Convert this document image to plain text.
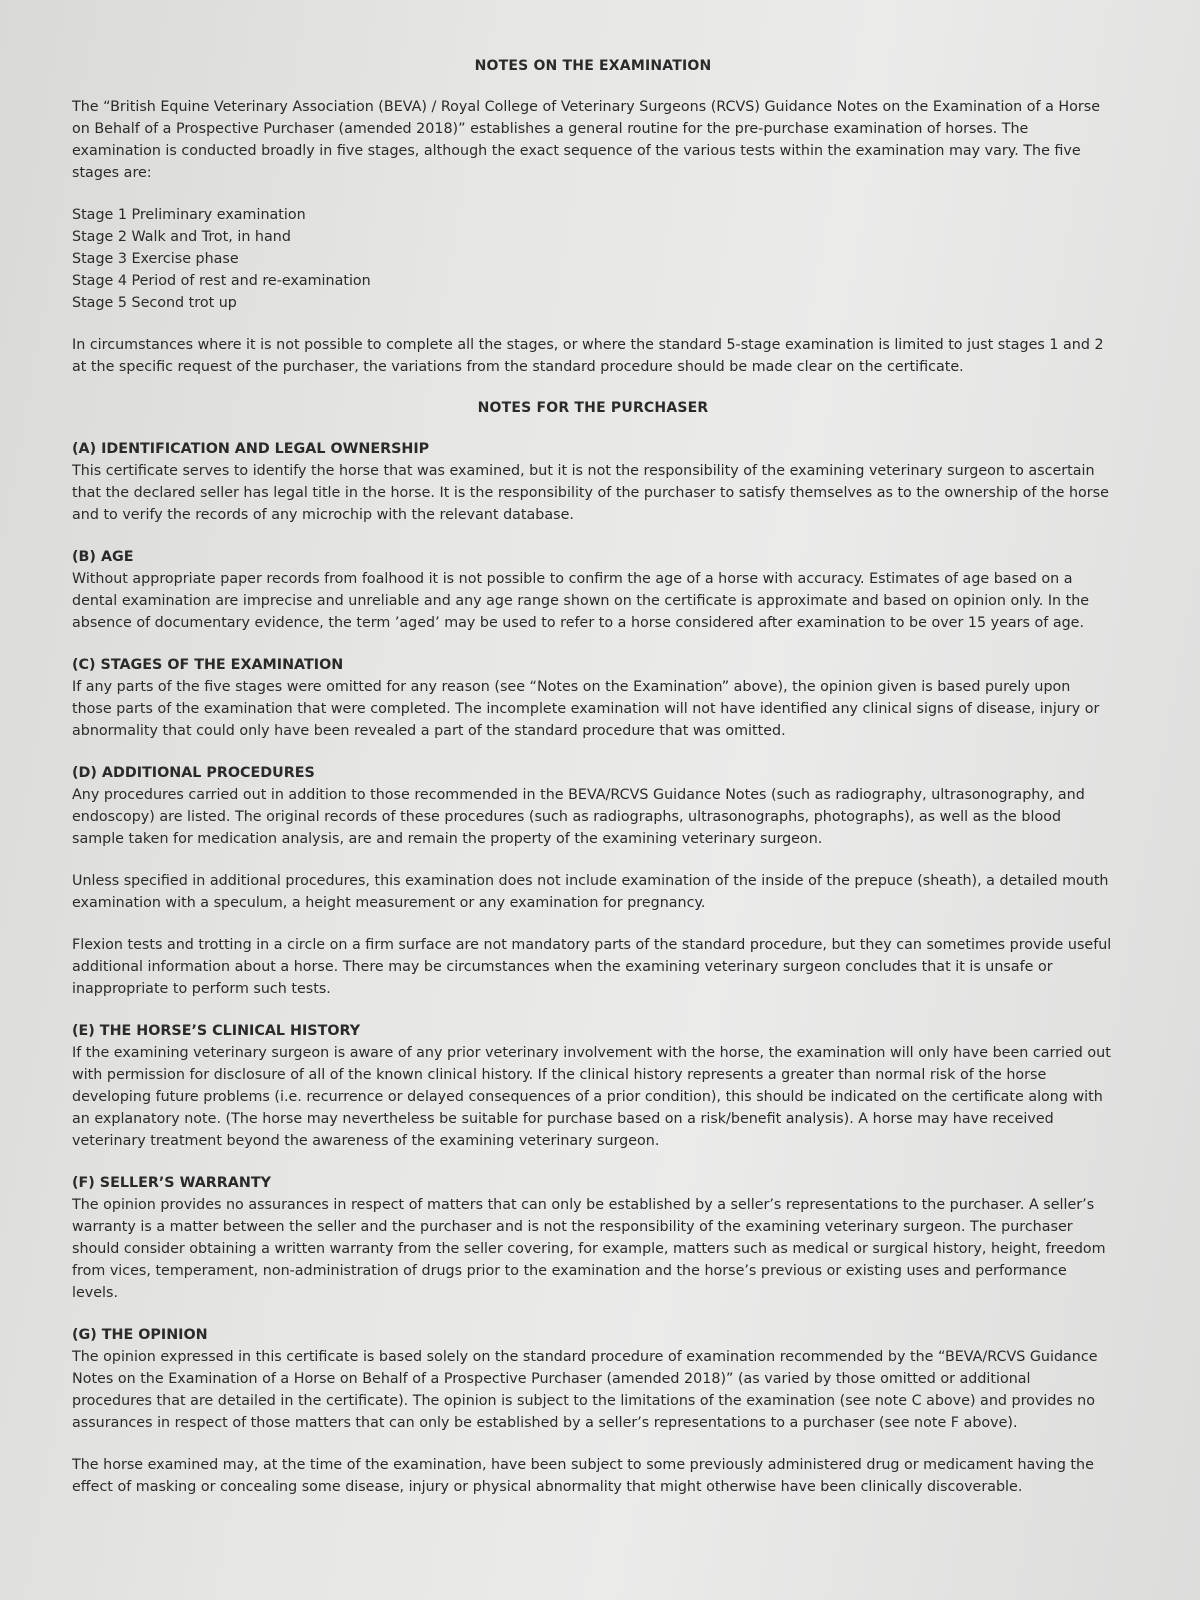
NOTES ON THE EXAMINATION

The “British Equine Veterinary Association (BEVA) / Royal College of Veterinary Surgeons (RCVS) Guidance Notes on the Examination of a Horse on Behalf of a Prospective Purchaser (amended 2018)” establishes a general routine for the pre-purchase examination of horses. The examination is conducted broadly in five stages, although the exact sequence of the various tests within the examination may vary. The five stages are:

Stage 1 Preliminary examination
Stage 2 Walk and Trot, in hand
Stage 3 Exercise phase
Stage 4 Period of rest and re-examination
Stage 5 Second trot up

In circumstances where it is not possible to complete all the stages, or where the standard 5-stage examination is limited to just stages 1 and 2 at the specific request of the purchaser, the variations from the standard procedure should be made clear on the certificate.

NOTES FOR THE PURCHASER
(A) IDENTIFICATION AND LEGAL OWNERSHIP

This certificate serves to identify the horse that was examined, but it is not the responsibility of the examining veterinary surgeon to ascertain that the declared seller has legal title in the horse. It is the responsibility of the purchaser to satisfy themselves as to the ownership of the horse and to verify the records of any microchip with the relevant database.

(B) AGE

Without appropriate paper records from foalhood it is not possible to confirm the age of a horse with accuracy. Estimates of age based on a dental examination are imprecise and unreliable and any age range shown on the certificate is approximate and based on opinion only. In the absence of documentary evidence, the term ’aged’ may be used to refer to a horse considered after examination to be over 15 years of age.

(C) STAGES OF THE EXAMINATION

If any parts of the five stages were omitted for any reason (see “Notes on the Examination” above), the opinion given is based purely upon those parts of the examination that were completed. The incomplete examination will not have identified any clinical signs of disease, injury or abnormality that could only have been revealed a part of the standard procedure that was omitted.

(D) ADDITIONAL PROCEDURES

Any procedures carried out in addition to those recommended in the BEVA/RCVS Guidance Notes (such as radiography, ultrasonography, and endoscopy) are listed. The original records of these procedures (such as radiographs, ultrasonographs, photographs), as well as the blood sample taken for medication analysis, are and remain the property of the examining veterinary surgeon.

Unless specified in additional procedures, this examination does not include examination of the inside of the prepuce (sheath), a detailed mouth examination with a speculum, a height measurement or any examination for pregnancy.

Flexion tests and trotting in a circle on a firm surface are not mandatory parts of the standard procedure, but they can sometimes provide useful additional information about a horse. There may be circumstances when the examining veterinary surgeon concludes that it is unsafe or inappropriate to perform such tests.

(E) THE HORSE’S CLINICAL HISTORY

If the examining veterinary surgeon is aware of any prior veterinary involvement with the horse, the examination will only have been carried out with permission for disclosure of all of the known clinical history. If the clinical history represents a greater than normal risk of the horse developing future problems (i.e. recurrence or delayed consequences of a prior condition), this should be indicated on the certificate along with an explanatory note. (The horse may nevertheless be suitable for purchase based on a risk/benefit analysis). A horse may have received veterinary treatment beyond the awareness of the examining veterinary surgeon.

(F) SELLER’S WARRANTY

The opinion provides no assurances in respect of matters that can only be established by a seller’s representations to the purchaser. A seller’s warranty is a matter between the seller and the purchaser and is not the responsibility of the examining veterinary surgeon. The purchaser should consider obtaining a written warranty from the seller covering, for example, matters such as medical or surgical history, height, freedom from vices, temperament, non-administration of drugs prior to the examination and the horse’s previous or existing uses and performance levels.

(G) THE OPINION

The opinion expressed in this certificate is based solely on the standard procedure of examination recommended by the “BEVA/RCVS Guidance Notes on the Examination of a Horse on Behalf of a Prospective Purchaser (amended 2018)” (as varied by those omitted or additional procedures that are detailed in the certificate). The opinion is subject to the limitations of the examination (see note C above) and provides no assurances in respect of those matters that can only be established by a seller’s representations to a purchaser (see note F above).

The horse examined may, at the time of the examination, have been subject to some previously administered drug or medicament having the effect of masking or concealing some disease, injury or physical abnormality that might otherwise have been clinically discoverable.
